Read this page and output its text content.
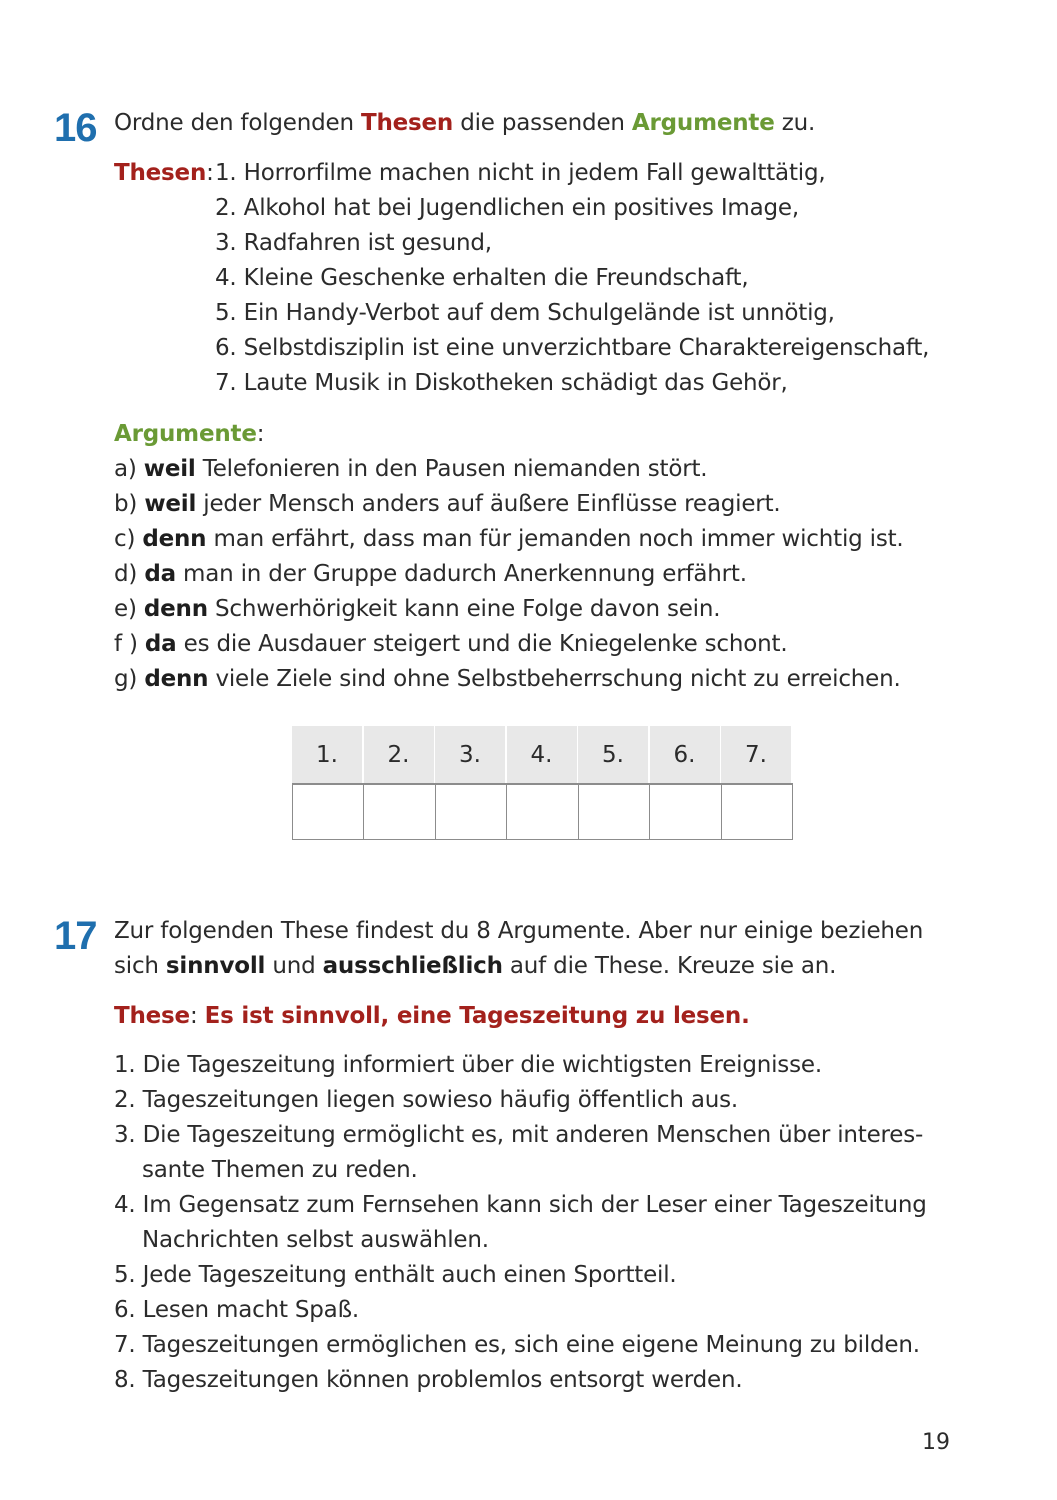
16 Ordne den folgenden Thesen die passenden Argumente zu.
Thesen: 1. Horrorfilme machen nicht in jedem Fall gewalttätig,
2. Alkohol hat bei Jugendlichen ein positives Image,
3. Radfahren ist gesund,
4. Kleine Geschenke erhalten die Freundschaft,
5. Ein Handy-Verbot auf dem Schulgelände ist unnötig,
6. Selbstdisziplin ist eine unverzichtbare Charaktereigenschaft,
7. Laute Musik in Diskotheken schädigt das Gehör,
Argumente:
a) weil Telefonieren in den Pausen niemanden stört.
b) weil jeder Mensch anders auf äußere Einflüsse reagiert.
c) denn man erfährt, dass man für jemanden noch immer wichtig ist.
d) da man in der Gruppe dadurch Anerkennung erfährt.
e) denn Schwerhörigkeit kann eine Folge davon sein.
f ) da es die Ausdauer steigert und die Kniegelenke schont.
g) denn viele Ziele sind ohne Selbstbeherrschung nicht zu erreichen.
1.	2.	3.	4.	5.	6.	7.
17 Zur folgenden These findest du 8 Argumente. Aber nur einige beziehen
sich sinnvoll und ausschließlich auf die These. Kreuze sie an.
These: Es ist sinnvoll, eine Tageszeitung zu lesen.
1. Die Tageszeitung informiert über die wichtigsten Ereignisse.
2. Tageszeitungen liegen sowieso häufig öffentlich aus.
3. Die Tageszeitung ermöglicht es, mit anderen Menschen über interes-
sante Themen zu reden.
4. Im Gegensatz zum Fernsehen kann sich der Leser einer Tageszeitung
Nachrichten selbst auswählen.
5. Jede Tageszeitung enthält auch einen Sportteil.
6. Lesen macht Spaß.
7. Tageszeitungen ermöglichen es, sich eine eigene Meinung zu bilden.
8. Tageszeitungen können problemlos entsorgt werden.
19
